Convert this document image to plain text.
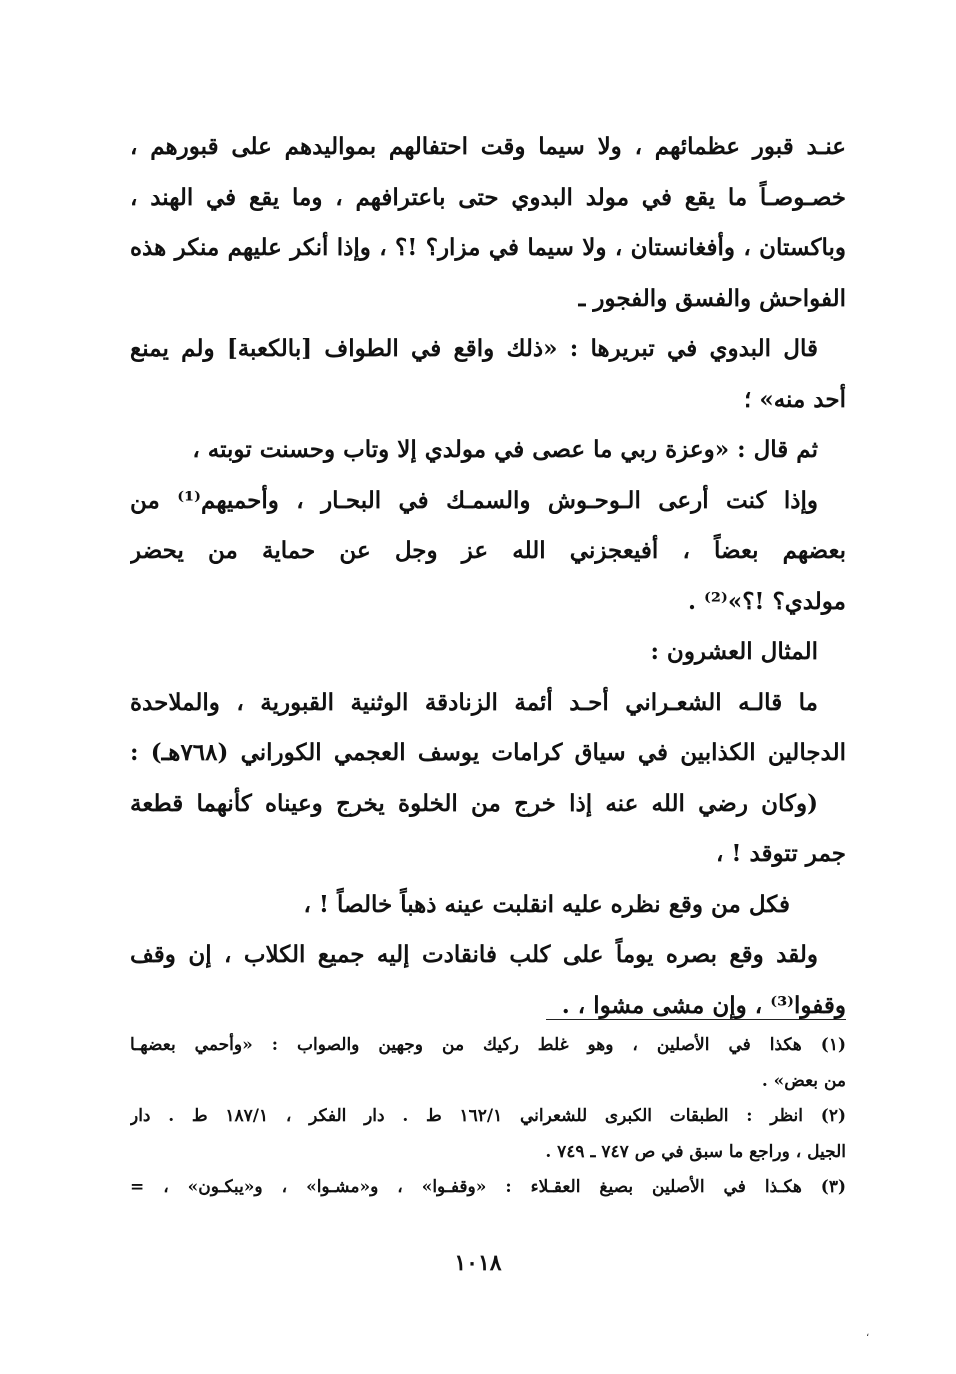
عنـد قبور عظمائهم ، ولا سيما وقت احتفالهم بمواليدهم على قبورهم ،
خصـوصـاً ما يقع في مولد البدوي حتى باعترافهم ، وما يقع في الهند ،
وباكستان ، وأفغانستان ، ولا سيما في مزار؟ !؟ ، وإذا أنكر عليهم منكر هذه
الفواحش والفسق والفجور ـ
قال البدوي في تبريرها : «ذلك واقع في الطواف [بالكعبة] ولم يمنع
أحد منه» ؛
ثم قال : «وعزة ربي ما عصى في مولدي إلا وتاب وحسنت توبته ،
وإذا كنت أرعى الـوحـوش والسمـك في البحـار ، وأحميهم⁽¹⁾ من
بعضهم بعضاً ، أفيعجزني الله عز وجل عن حماية من يحضر
مولدي؟ !؟»⁽²⁾ .
المثال العشرون :
ما قالـه الشعـراني أحـد أئمة الزنادقة الوثنية القبورية ، والملاحدة
الدجالين الكذابين في سياق كرامات يوسف العجمي الكوراني (٧٦٨هـ) :
(وكان رضي الله عنه إذا خرج من الخلوة يخرج وعيناه كأنهما قطعة
جمر تتوقد ! ،
فكل من وقع نظره عليه انقلبت عينه ذهباً خالصاً ! ،
ولقد وقع بصره يوماً على كلب فانقادت إليه جميع الكلاب ، إن وقف
وقفوا⁽³⁾ ، وإن مشى مشوا ، .
(١) هكذا في الأصلين ، وهو غلط ركيك من وجهين والصواب : «وأحمي بعضهـا
من بعض» .
(٢) انظر : الطبقات الكبرى للشعراني ١٦٢/١ ط . دار الفكر ، ١٨٧/١ ط . دار
الجيل ، وراجع ما سبق في ص ٧٤٧ ـ ٧٤٩ .
(٣) هكـذا في الأصلين بصيغ العقـلاء : «وقفـوا» ، و«مشـوا» ، و«يبكـون» ، =
١٠١٨
،
